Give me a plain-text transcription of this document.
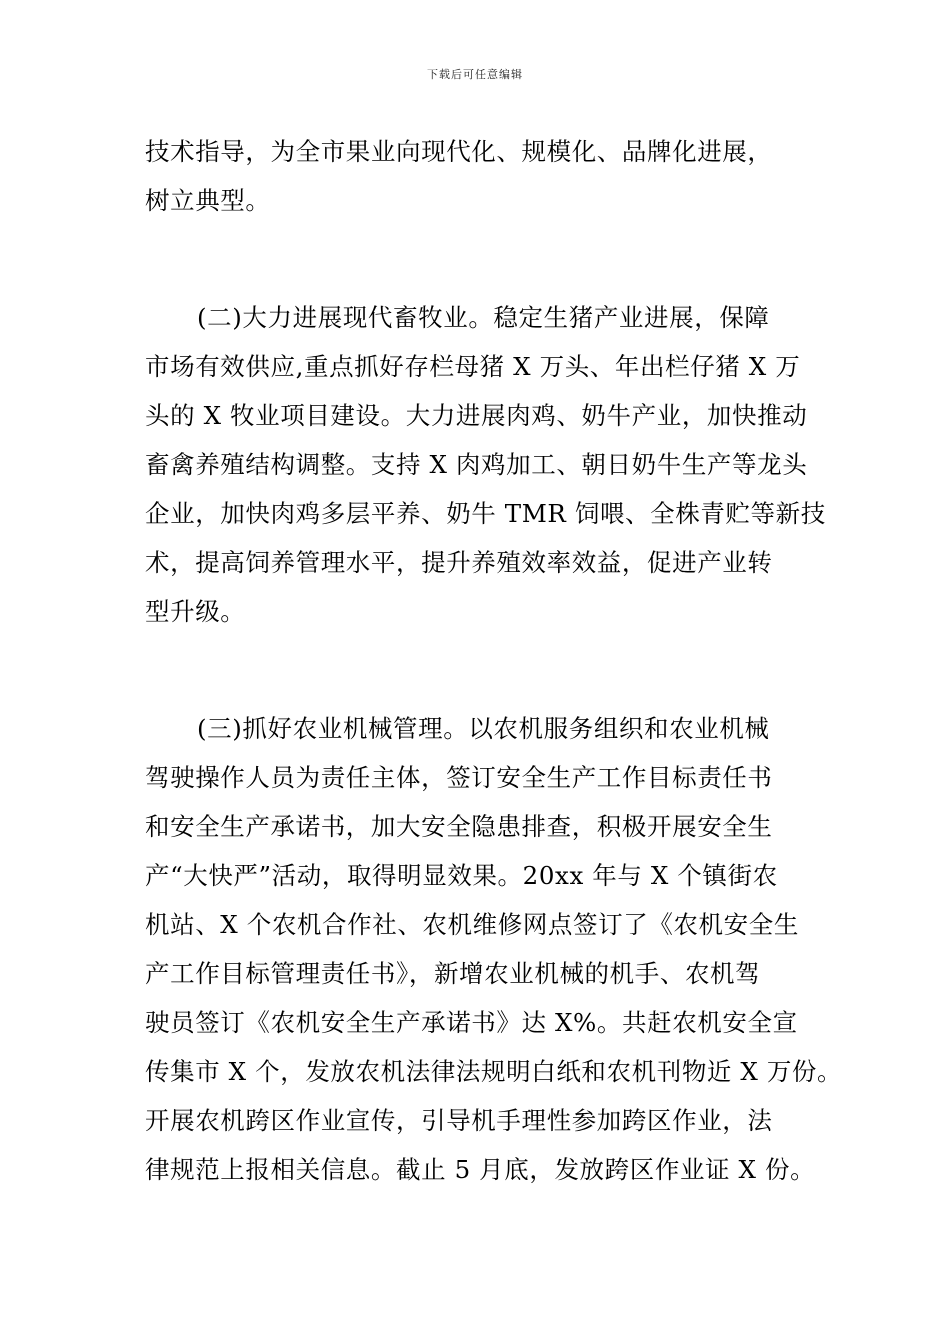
下载后可任意编辑
技术指导，为全市果业向现代化、规模化、品牌化进展，
树立典型。
(二)大力进展现代畜牧业。稳定生猪产业进展，保障
市场有效供应,重点抓好存栏母猪 X 万头、年出栏仔猪 X 万
头的 X 牧业项目建设。大力进展肉鸡、奶牛产业，加快推动
畜禽养殖结构调整。支持 X 肉鸡加工、朝日奶牛生产等龙头
企业，加快肉鸡多层平养、奶牛 TMR 饲喂、全株青贮等新技
术，提高饲养管理水平，提升养殖效率效益，促进产业转
型升级。
(三)抓好农业机械管理。以农机服务组织和农业机械
驾驶操作人员为责任主体，签订安全生产工作目标责任书
和安全生产承诺书，加大安全隐患排查，积极开展安全生
产“大快严”活动，取得明显效果。20xx 年与 X 个镇街农
机站、X 个农机合作社、农机维修网点签订了《农机安全生
产工作目标管理责任书》，新增农业机械的机手、农机驾
驶员签订《农机安全生产承诺书》达 X%。共赶农机安全宣
传集市 X 个，发放农机法律法规明白纸和农机刊物近 X 万份。
开展农机跨区作业宣传，引导机手理性参加跨区作业，法
律规范上报相关信息。截止 5 月底，发放跨区作业证 X 份。
